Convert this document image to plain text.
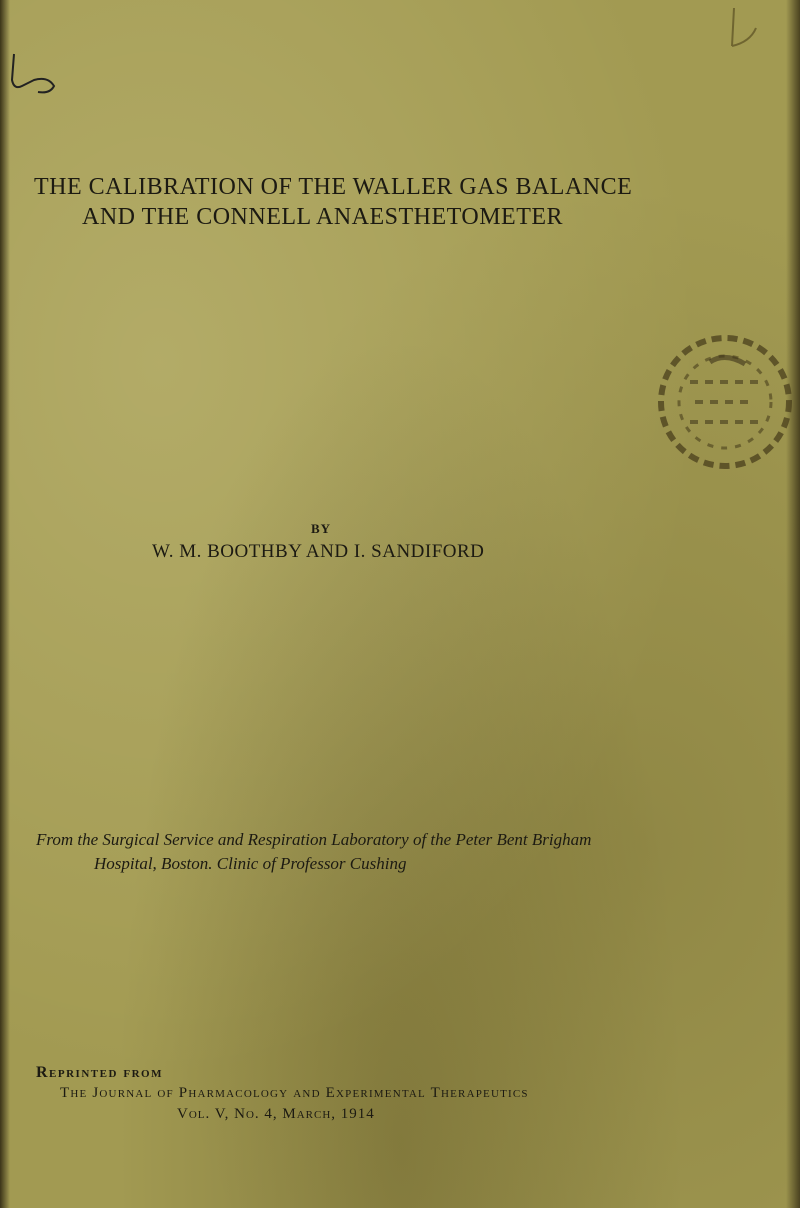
THE CALIBRATION OF THE WALLER GAS BALANCE
AND THE CONNELL ANAESTHETOMETER
BY
W. M. BOOTHBY AND I. SANDIFORD
From the Surgical Service and Respiration Laboratory of the Peter Bent Brigham
Hospital, Boston. Clinic of Professor Cushing
Reprinted from
The Journal of Pharmacology and Experimental Therapeutics
Vol. V, No. 4, March, 1914
